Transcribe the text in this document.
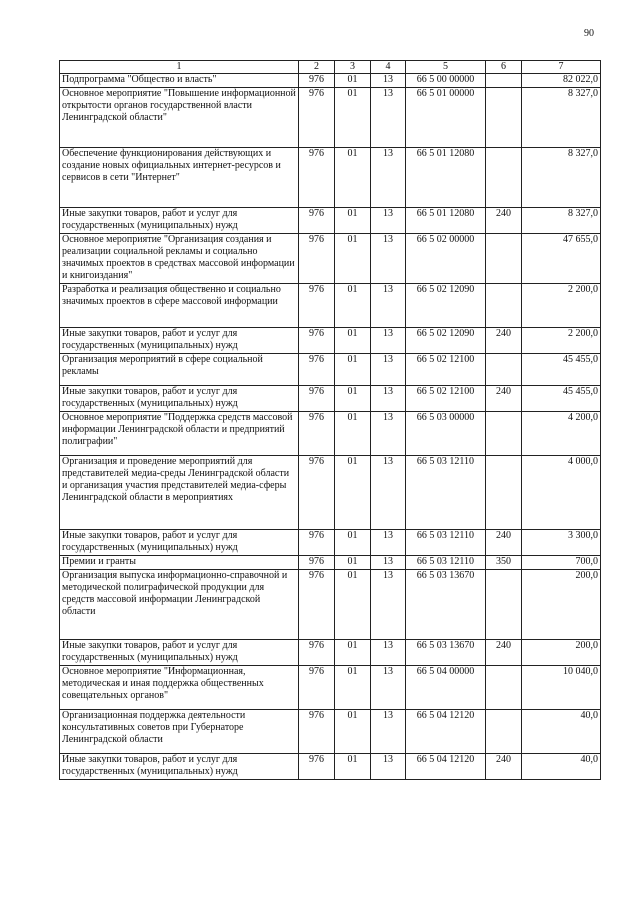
90
1	2	3	4	5	6	7
Подпрограмма "Общество и власть"	976	01	13	66 5 00 00000		82 022,0
Основное мероприятие "Повышение информационной открытости органов государственной власти Ленинградской области"	976	01	13	66 5 01 00000		8 327,0
Обеспечение функционирования действующих и создание новых официальных интернет-ресурсов и сервисов в сети "Интернет"	976	01	13	66 5 01 12080		8 327,0
Иные закупки товаров, работ и услуг для государственных (муниципальных) нужд	976	01	13	66 5 01 12080	240	8 327,0
Основное мероприятие "Организация создания и реализации социальной рекламы и социально значимых проектов в средствах массовой информации и книгоиздания"	976	01	13	66 5 02 00000		47 655,0
Разработка и реализация общественно и социально значимых проектов в сфере массовой информации	976	01	13	66 5 02 12090		2 200,0
Иные закупки товаров, работ и услуг для государственных (муниципальных) нужд	976	01	13	66 5 02 12090	240	2 200,0
Организация мероприятий в сфере социальной рекламы	976	01	13	66 5 02 12100		45 455,0
Иные закупки товаров, работ и услуг для государственных (муниципальных) нужд	976	01	13	66 5 02 12100	240	45 455,0
Основное мероприятие "Поддержка средств массовой информации Ленинградской области и предприятий полиграфии"	976	01	13	66 5 03 00000		4 200,0
Организация и проведение мероприятий для представителей медиа-среды Ленинградской области и организация участия представителей медиа-сферы Ленинградской области в мероприятиях	976	01	13	66 5 03 12110		4 000,0
Иные закупки товаров, работ и услуг для государственных (муниципальных) нужд	976	01	13	66 5 03 12110	240	3 300,0
Премии и гранты	976	01	13	66 5 03 12110	350	700,0
Организация выпуска информационно-справочной и методической полиграфической продукции для средств массовой информации Ленинградской области	976	01	13	66 5 03 13670		200,0
Иные закупки товаров, работ и услуг для государственных (муниципальных) нужд	976	01	13	66 5 03 13670	240	200,0
Основное мероприятие "Информационная, методическая и иная поддержка общественных совещательных органов"	976	01	13	66 5 04 00000		10 040,0
Организационная поддержка деятельности консультативных советов при Губернаторе Ленинградской области	976	01	13	66 5 04 12120		40,0
Иные закупки товаров, работ и услуг для государственных (муниципальных) нужд	976	01	13	66 5 04 12120	240	40,0
